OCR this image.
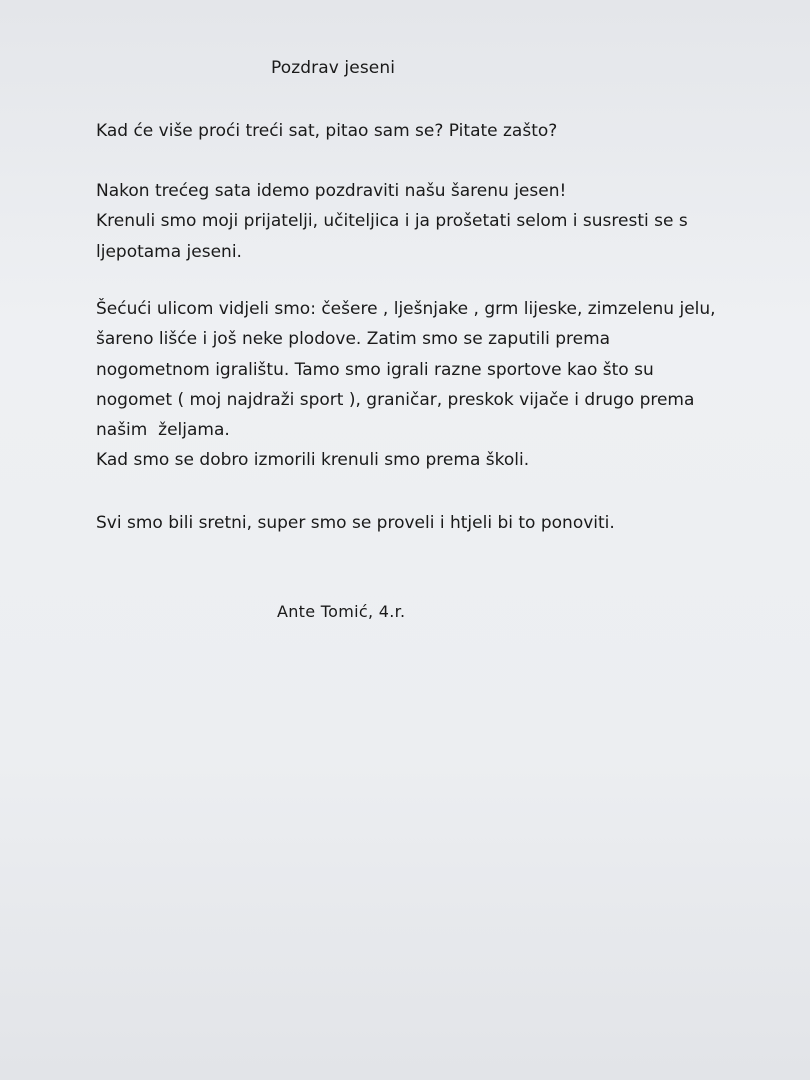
Pozdrav jeseni

Kad će više proći treći sat, pitao sam se? Pitate zašto?

Nakon trećeg sata idemo pozdraviti našu šarenu jesen!
Krenuli smo moji prijatelji, učiteljica i ja prošetati selom i susresti se s
ljepotama jeseni.

Šećući ulicom vidjeli smo: češere , lješnjake , grm lijeske, zimzelenu jelu,
šareno lišće i još neke plodove. Zatim smo se zaputili prema
nogometnom igralištu. Tamo smo igrali razne sportove kao što su
nogomet ( moj najdraži sport ), graničar, preskok vijače i drugo prema
našim  željama.
Kad smo se dobro izmorili krenuli smo prema školi.

Svi smo bili sretni, super smo se proveli i htjeli bi to ponoviti.

Ante Tomić, 4.r.
